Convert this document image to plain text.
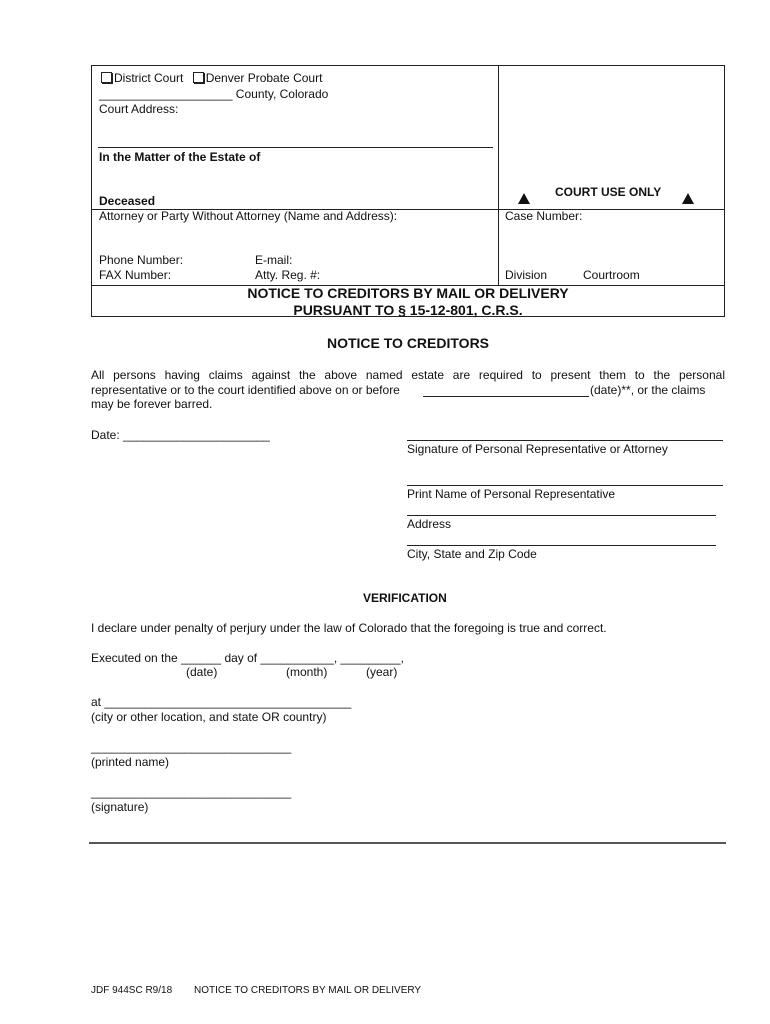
District Court Denver Probate Court
____________________ County, Colorado
Court Address:
In the Matter of the Estate of
Deceased
COURT USE ONLY
Attorney or Party Without Attorney (Name and Address):	Case Number:
Phone Number:	E-mail:
FAX Number:	Atty. Reg. #:	Division	Courtroom
NOTICE TO CREDITORS BY MAIL OR DELIVERY
PURSUANT TO § 15-12-801, C.R.S.
NOTICE TO CREDITORS
All persons having claims against the above named estate are required to present them to the personal
representative or to the court identified above on or before	(date)**, or the claims
may be forever barred.
Date: ______________________
Signature of Personal Representative or Attorney
Print Name of Personal Representative
Address
City, State and Zip Code
VERIFICATION
I declare under penalty of perjury under the law of Colorado that the foregoing is true and correct.
Executed on the ______ day of ___________, _________,
(date)	(month)	(year)
at _____________________________________
(city or other location, and state OR country)
______________________________
(printed name)
______________________________
(signature)
JDF 944SC R9/18 NOTICE TO CREDITORS BY MAIL OR DELIVERY
